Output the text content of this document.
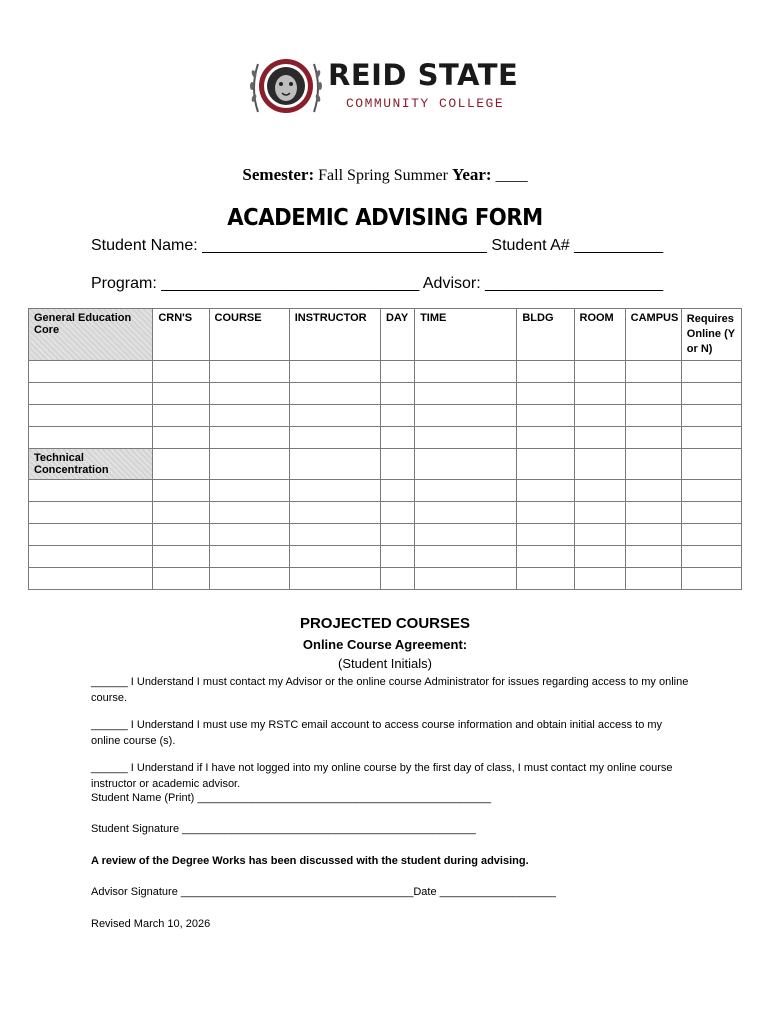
REID STATE
COMMUNITY COLLEGE
Semester: Fall Spring Summer Year: ____
ACADEMIC ADVISING FORM
Student Name: ________________________________ Student A# __________
Program: _____________________________ Advisor: ____________________
General Education Core	CRN'S	COURSE	INSTRUCTOR	DAY	TIME	BLDG	ROOM	CAMPUS	Requires Online (Y or N)

Technical Concentration									

PROJECTED COURSES
Online Course Agreement:
(Student Initials)
______ I Understand I must contact my Advisor or the online course Administrator for issues regarding access to my online course.
______ I Understand I must use my RSTC email account to access course information and obtain initial access to my online course (s).
______ I Understand if I have not logged into my online course by the first day of class, I must contact my online course instructor or academic advisor.
Student Name (Print) ________________________________________________
Student Signature ________________________________________________
A review of the Degree Works has been discussed with the student during advising.
Advisor Signature ______________________________________Date ___________________
Revised March 10, 2026
